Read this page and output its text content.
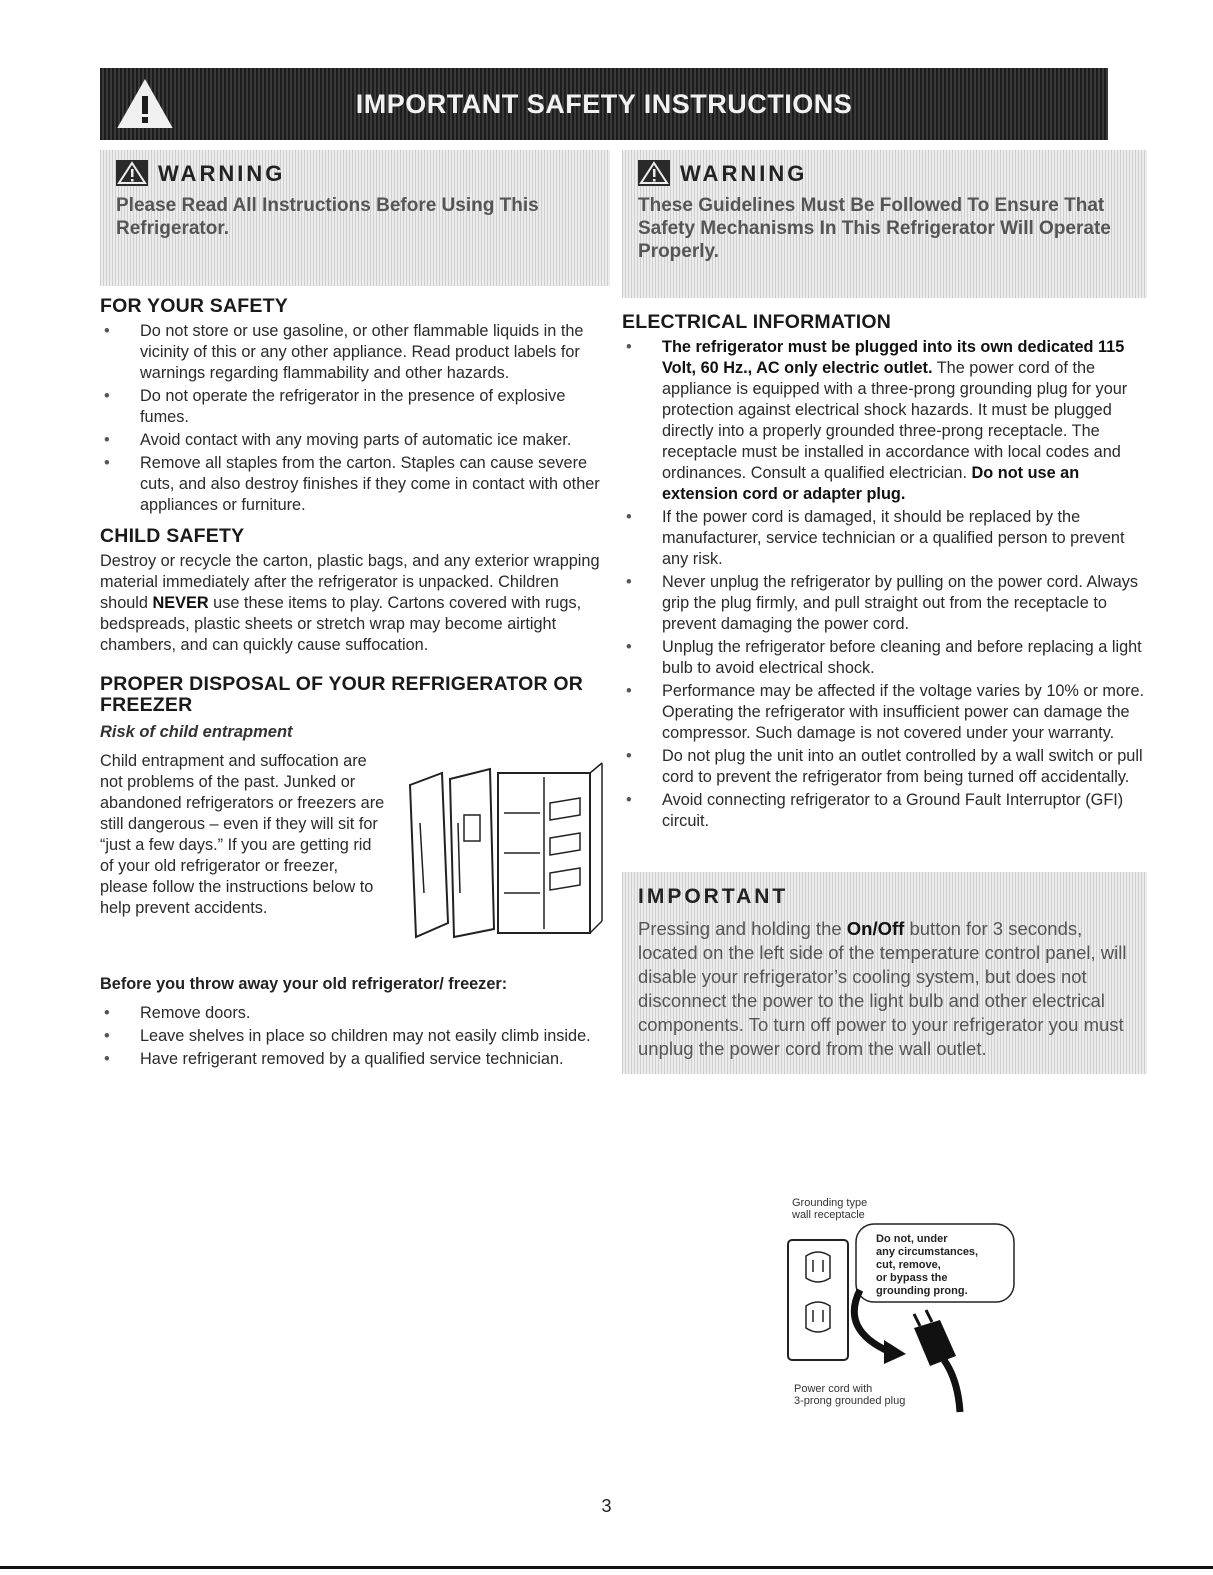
IMPORTANT SAFETY INSTRUCTIONS
WARNING
Please Read All Instructions Before Using This Refrigerator.
FOR YOUR SAFETY
• Do not store or use gasoline, or other flammable liquids in the vicinity of this or any other appliance. Read product labels for warnings regarding flammability and other hazards.
• Do not operate the refrigerator in the presence of explosive fumes.
• Avoid contact with any moving parts of automatic ice maker.
• Remove all staples from the carton. Staples can cause severe cuts, and also destroy finishes if they come in contact with other appliances or furniture.
CHILD SAFETY

Destroy or recycle the carton, plastic bags, and any exterior wrapping material immediately after the refrigerator is unpacked. Children should NEVER use these items to play. Cartons covered with rugs, bedspreads, plastic sheets or stretch wrap may become airtight chambers, and can quickly cause suffocation.

PROPER DISPOSAL OF YOUR REFRIGERATOR OR FREEZER
Risk of child entrapment

Child entrapment and suffocation are not problems of the past. Junked or abandoned refrigerators or freezers are still dangerous – even if they will sit for “just a few days.” If you are getting rid of your old refrigerator or freezer, please follow the instructions below to help prevent accidents.

Before you throw away your old refrigerator/ freezer:

• Remove doors.
• Leave shelves in place so children may not easily climb inside.
• Have refrigerant removed by a qualified service technician.
WARNING
These Guidelines Must Be Followed To Ensure That Safety Mechanisms In This Refrigerator Will Operate Properly.
ELECTRICAL INFORMATION
• The refrigerator must be plugged into its own dedicated 115 Volt, 60 Hz., AC only electric outlet. The power cord of the appliance is equipped with a three-prong grounding plug for your protection against electrical shock hazards. It must be plugged directly into a properly grounded three-prong receptacle. The receptacle must be installed in accordance with local codes and ordinances. Consult a qualified electrician. Do not use an extension cord or adapter plug.
• If the power cord is damaged, it should be replaced by the manufacturer, service technician or a qualified person to prevent any risk.
• Never unplug the refrigerator by pulling on the power cord. Always grip the plug firmly, and pull straight out from the receptacle to prevent damaging the power cord.
• Unplug the refrigerator before cleaning and before replacing a light bulb to avoid electrical shock.
• Performance may be affected if the voltage varies by 10% or more. Operating the refrigerator with insufficient power can damage the compressor. Such damage is not covered under your warranty.
• Do not plug the unit into an outlet controlled by a wall switch or pull cord to prevent the refrigerator from being turned off accidentally.
• Avoid connecting refrigerator to a Ground Fault Interruptor (GFI) circuit.
IMPORTANT
Pressing and holding the On/Off button for 3 seconds, located on the left side of the temperature control panel, will disable your refrigerator’s cooling system, but does not disconnect the power to the light bulb and other electrical components. To turn off power to your refrigerator you must unplug the power cord from the wall outlet.
Grounding type
wall receptacle
Do not, under
any circumstances,
cut, remove,
or bypass the
grounding prong.
Power cord with
3-prong grounded plug
3
